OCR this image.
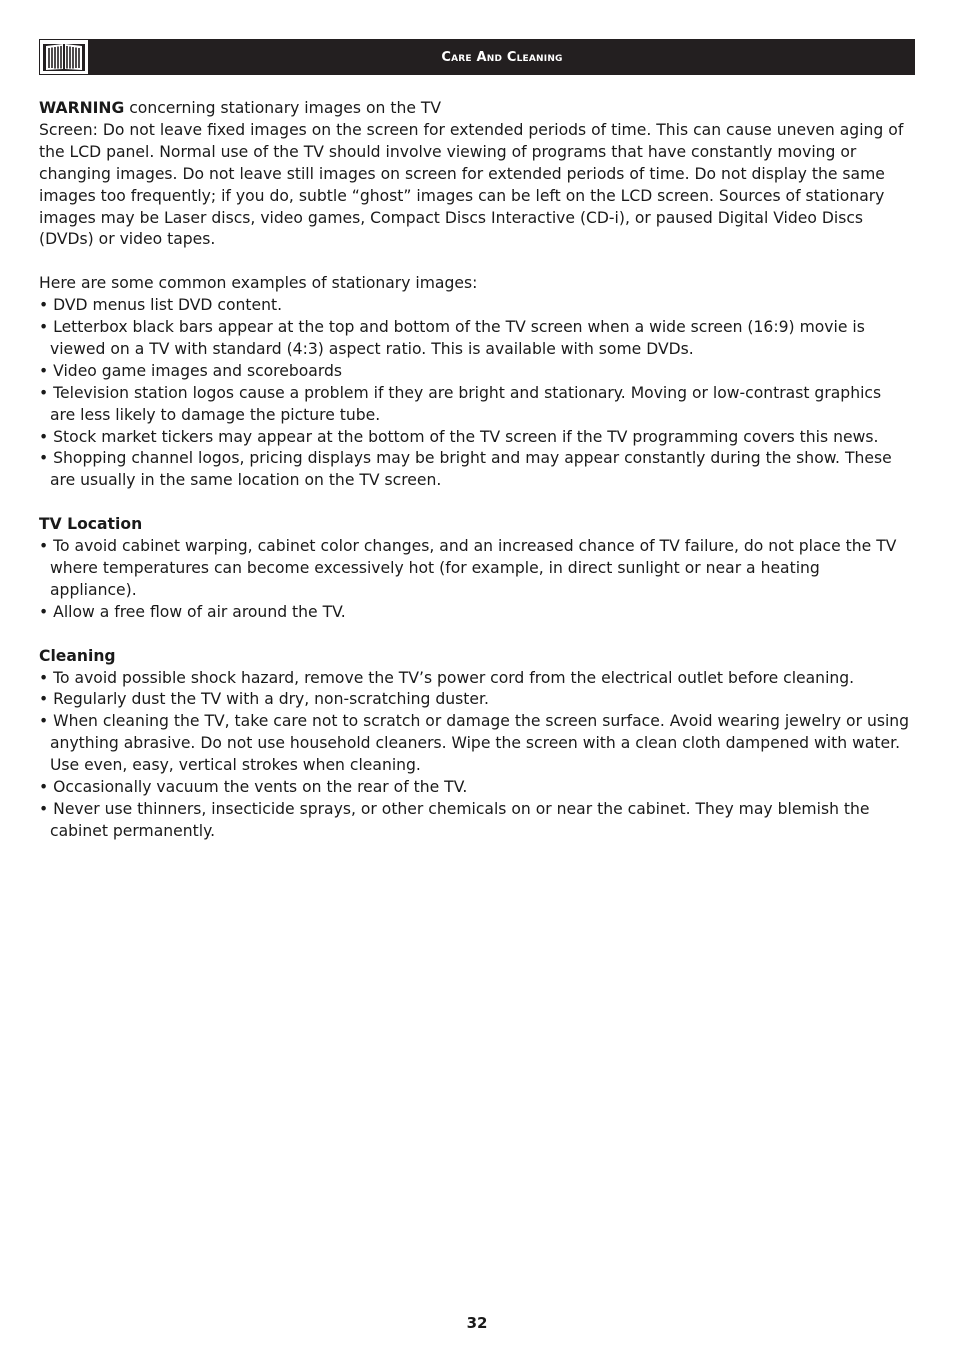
Care And Cleaning

WARNING concerning stationary images on the TV

Screen: Do not leave fixed images on the screen for extended periods of time. This can cause uneven aging of the LCD panel. Normal use of the TV should involve viewing of programs that have constantly moving or changing images. Do not leave still images on screen for extended periods of time. Do not display the same images too frequently; if you do, subtle “ghost” images can be left on the LCD screen. Sources of stationary images may be Laser discs, video games, Compact Discs Interactive (CD-i), or paused Digital Video Discs (DVDs) or video tapes.

Here are some common examples of stationary images:

• DVD menus list DVD content.
• Letterbox black bars appear at the top and bottom of the TV screen when a wide screen (16:9) movie is viewed on a TV with standard (4:3) aspect ratio. This is available with some DVDs.
• Video game images and scoreboards
• Television station logos cause a problem if they are bright and stationary. Moving or low-contrast graphics are less likely to damage the picture tube.
• Stock market tickers may appear at the bottom of the TV screen if the TV programming covers this news.
• Shopping channel logos, pricing displays may be bright and may appear constantly during the show. These are usually in the same location on the TV screen.

TV Location

• To avoid cabinet warping, cabinet color changes, and an increased chance of TV failure, do not place the TV where temperatures can become excessively hot (for example, in direct sunlight or near a heating appliance).
• Allow a free flow of air around the TV.

Cleaning

• To avoid possible shock hazard, remove the TV’s power cord from the electrical outlet before cleaning.
• Regularly dust the TV with a dry, non-scratching duster.
• When cleaning the TV, take care not to scratch or damage the screen surface. Avoid wearing jewelry or using anything abrasive. Do not use household cleaners. Wipe the screen with a clean cloth dampened with water. Use even, easy, vertical strokes when cleaning.
• Occasionally vacuum the vents on the rear of the TV.
• Never use thinners, insecticide sprays, or other chemicals on or near the cabinet. They may blemish the cabinet permanently.
32
